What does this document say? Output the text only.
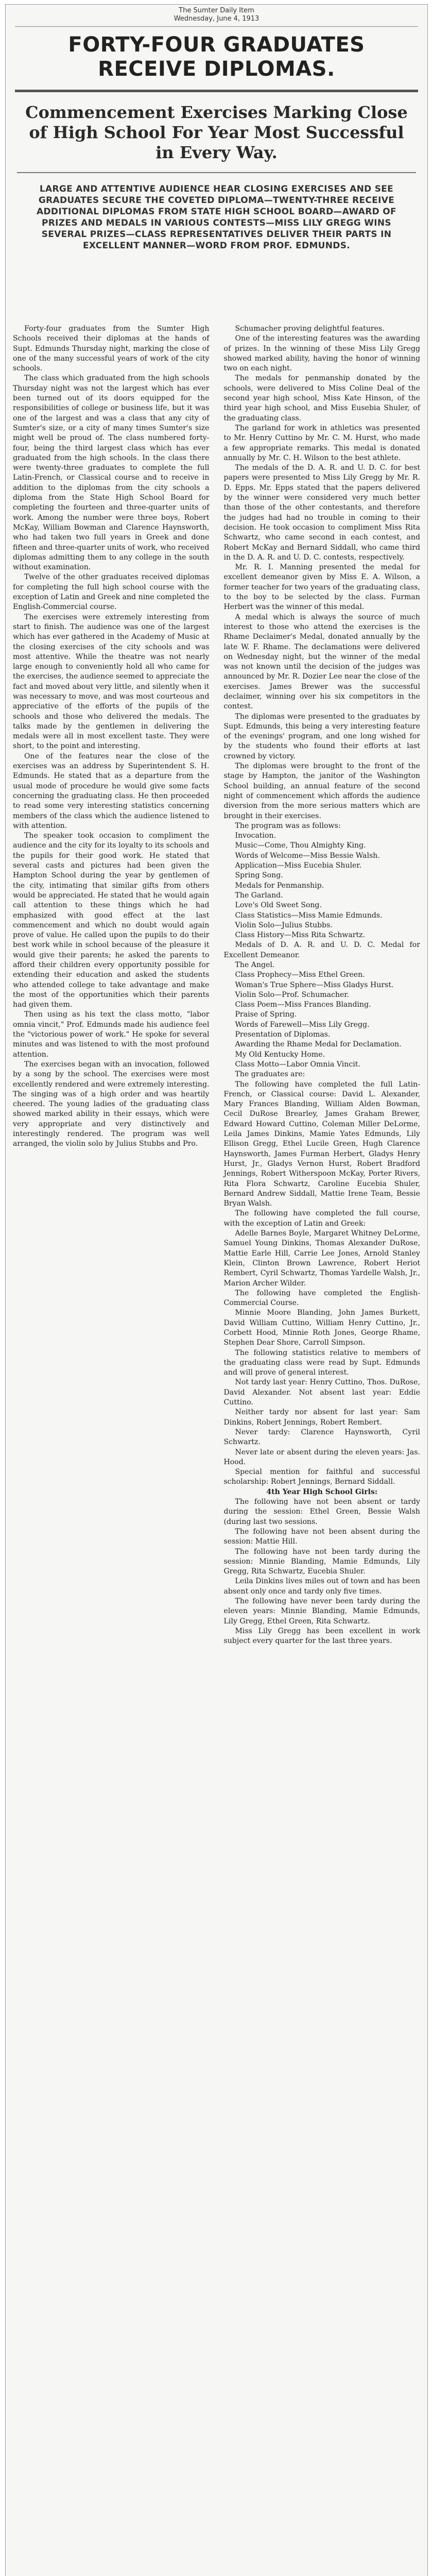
The Sumter Daily Item
Wednesday, June 4, 1913
FORTY-FOUR GRADUATES RECEIVE DIPLOMAS.
Commencement Exercises Marking Close of High School For Year Most Successful in Every Way.
LARGE AND ATTENTIVE AUDIENCE HEAR CLOSING EXERCISES AND SEE GRADUATES SECURE THE COVETED DIPLOMA—TWENTY-THREE RECEIVE ADDITIONAL DIPLOMAS FROM STATE HIGH SCHOOL BOARD—AWARD OF PRIZES AND MEDALS IN VARIOUS CONTESTS—MISS LILY GREGG WINS SEVERAL PRIZES—CLASS REPRESENTATIVES DELIVER THEIR PARTS IN EXCELLENT MANNER—WORD FROM PROF. EDMUNDS.

Forty-four graduates from the Sumter High Schools received their diplomas at the hands of Supt. Edmunds Thursday night, marking the close of one of the many successful years of work of the city schools.

The class which graduated from the high schools Thursday night was not the largest which has ever been turned out of its doors equipped for the responsibilities of college or business life, but it was one of the largest and was a class that any city of Sumter's size, or a city of many times Sumter's size might well be proud of. The class numbered forty-four, being the third largest class which has ever graduated from the high schools. In the class there were twenty-three graduates to complete the full Latin-French, or Classical course and to receive in addition to the diplomas from the city schools a diploma from the State High School Board for completing the fourteen and three-quarter units of work. Among the number were three boys, Robert McKay, William Bowman and Clarence Haynsworth, who had taken two full years in Greek and done fifteen and three-quarter units of work, who received diplomas admitting them to any college in the south without examination.

Twelve of the other graduates received diplomas for completing the full high school course with the exception of Latin and Greek and nine completed the English-Commercial course.

The exercises were extremely interesting from start to finish. The audience was one of the largest which has ever gathered in the Academy of Music at the closing exercises of the city schools and was most attentive. While the theatre was not nearly large enough to conveniently hold all who came for the exercises, the audience seemed to appreciate the fact and moved about very little, and silently when it was necessary to move, and was most courteous and appreciative of the efforts of the pupils of the schools and those who delivered the medals. The talks made by the gentlemen in delivering the medals were all in most excellent taste. They were short, to the point and interesting.

One of the features near the close of the exercises was an address by Superintendent S. H. Edmunds. He stated that as a departure from the usual mode of procedure he would give some facts concerning the graduating class. He then proceeded to read some very interesting statistics concerning members of the class which the audience listened to with attention.

The speaker took occasion to compliment the audience and the city for its loyalty to its schools and the pupils for their good work. He stated that several casts and pictures had been given the Hampton School during the year by gentlemen of the city, intimating that similar gifts from others would be appreciated. He stated that he would again call attention to these things which he had emphasized with good effect at the last commencement and which no doubt would again prove of value. He called upon the pupils to do their best work while in school because of the pleasure it would give their parents; he asked the parents to afford their children every opportunity possible for extending their education and asked the students who attended college to take advantage and make the most of the opportunities which their parents had given them.

Then using as his text the class motto, "labor omnia vincit," Prof. Edmunds made his audience feel the "victorious power of work." He spoke for several minutes and was listened to with the most profound attention.

The exercises began with an invocation, followed by a song by the school. The exercises were most excellently rendered and were extremely interesting. The singing was of a high order and was heartily cheered. The young ladies of the graduating class showed marked ability in their essays, which were very appropriate and very distinctively and interestingly rendered. The program was well arranged, the violin solo by Julius Stubbs and Pro.

Schumacher proving delightful features.

One of the interesting features was the awarding of prizes. In the winning of these Miss Lily Gregg showed marked ability, having the honor of winning two on each night.

The medals for penmanship donated by the schools, were delivered to Miss Coline Deal of the second year high school, Miss Kate Hinson, of the third year high school, and Miss Eusebia Shuler, of the graduating class.

The garland for work in athletics was presented to Mr. Henry Cuttino by Mr. C. M. Hurst, who made a few appropriate remarks. This medal is donated annually by Mr. C. H. Wilson to the best athlete.

The medals of the D. A. R. and U. D. C. for best papers were presented to Miss Lily Gregg by Mr. R. D. Epps. Mr. Epps stated that the papers delivered by the winner were considered very much better than those of the other contestants, and therefore the judges had had no trouble in coming to their decision. He took occasion to compliment Miss Rita Schwartz, who came second in each contest, and Robert McKay and Bernard Siddall, who came third in the D. A. R. and U. D. C. contests, respectively.

Mr. R. I. Manning presented the medal for excellent demeanor given by Miss E. A. Wilson, a former teacher for two years of the graduating class, to the boy to be selected by the class. Furman Herbert was the winner of this medal.

A medal which is always the source of much interest to those who attend the exercises is the Rhame Declaimer's Medal, donated annually by the late W. F. Rhame. The declamations were delivered on Wednesday night, but the winner of the medal was not known until the decision of the judges was announced by Mr. R. Dozier Lee near the close of the exercises. James Brewer was the successful declaimer, winning over his six competitors in the contest.

The diplomas were presented to the graduates by Supt. Edmunds, this being a very interesting feature of the evenings' program, and one long wished for by the students who found their efforts at last crowned by victory.

The diplomas were brought to the front of the stage by Hampton, the janitor of the Washington School building, an annual feature of the second night of commencement which affords the audience diversion from the more serious matters which are brought in their exercises.

The program was as follows:

Invocation.

Music—Come, Thou Almighty King.

Words of Welcome—Miss Bessie Walsh.

Application—Miss Eucebia Shuler.

Spring Song.

Medals for Penmanship.

The Garland.

Love's Old Sweet Song.

Class Statistics—Miss Mamie Edmunds.

Violin Solo—Julius Stubbs.

Class History—Miss Rita Schwartz.

Medals of D. A. R. and U. D. C. Medal for Excellent Demeanor.

The Angel.

Class Prophecy—Miss Ethel Green.

Woman's True Sphere—Miss Gladys Hurst.

Violin Solo—Prof. Schumacher.

Class Poem—Miss Frances Blanding.

Praise of Spring.

Words of Farewell—Miss Lily Gregg.

Presentation of Diplomas.

Awarding the Rhame Medal for Declamation.

My Old Kentucky Home.

Class Motto—Labor Omnia Vincit.

The graduates are:

The following have completed the full Latin-French, or Classical course: David L. Alexander, Mary Frances Blanding, William Alden Bowman, Cecil DuRose Brearley, James Graham Brewer, Edward Howard Cuttino, Coleman Miller DeLorme, Leila James Dinkins, Mamie Yates Edmunds, Lily Ellison Gregg, Ethel Lucile Green, Hugh Clarence Haynsworth, James Furman Herbert, Gladys Henry Hurst, Jr., Gladys Vernon Hurst, Robert Bradford Jennings, Robert Witherspoon McKay, Porter Rivers, Rita Flora Schwartz, Caroline Eucebia Shuler, Bernard Andrew Siddall, Mattie Irene Team, Bessie Bryan Walsh.

The following have completed the full course, with the exception of Latin and Greek:

Adelle Barnes Boyle, Margaret Whitney DeLorme, Samuel Young Dinkins, Thomas Alexander DuRose, Mattie Earle Hill, Carrie Lee Jones, Arnold Stanley Klein, Clinton Brown Lawrence, Robert Heriot Rembert, Cyril Schwartz, Thomas Yardelle Walsh, Jr., Marion Archer Wilder.

The following have completed the English-Commercial Course.

Minnie Moore Blanding, John James Burkett, David William Cuttino, William Henry Cuttino, Jr., Corbett Hood, Minnie Roth Jones, George Rhame, Stephen Dear Shore, Carroll Simpson.

The following statistics relative to members of the graduating class were read by Supt. Edmunds and will prove of general interest.

Not tardy last year: Henry Cuttino, Thos. DuRose, David Alexander. Not absent last year: Eddie Cuttino.

Neither tardy nor absent for last year: Sam Dinkins, Robert Jennings, Robert Rembert.

Never tardy: Clarence Haynsworth, Cyril Schwartz.

Never late or absent during the eleven years: Jas. Hood.

Special mention for faithful and successful scholarship: Robert Jennings, Bernard Siddall.

4th Year High School Girls:

The following have not been absent or tardy during the session: Ethel Green, Bessie Walsh (during last two sessions.

The following have not been absent during the session: Mattie Hill.

The following have not been tardy during the session: Minnie Blanding, Mamie Edmunds, Lily Gregg, Rita Schwartz, Eucebia Shuler.

Leila Dinkins lives miles out of town and has been absent only once and tardy only five times.

The following have never been tardy during the eleven years: Minnie Blanding, Mamie Edmunds, Lily Gregg, Ethel Green, Rita Schwartz.

Miss Lily Gregg has been excellent in work subject every quarter for the last three years.
